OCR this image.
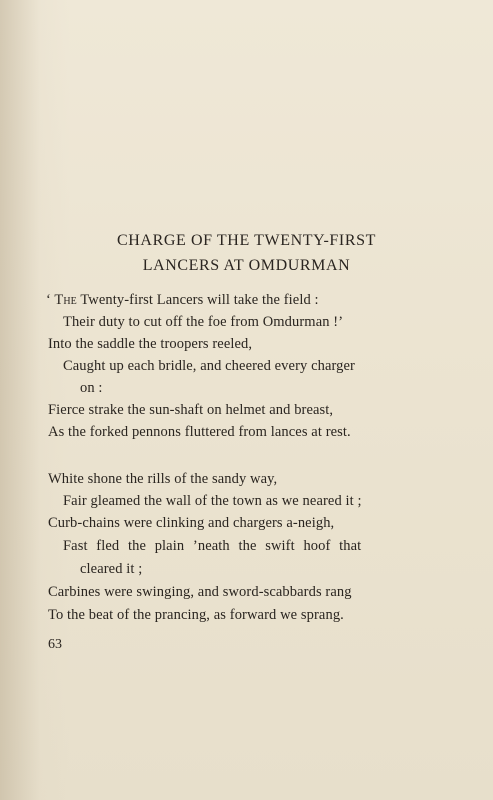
CHARGE OF THE TWENTY-FIRST
LANCERS AT OMDURMAN
‘ The Twenty-first Lancers will take the field :
Their duty to cut off the foe from Omdurman !’
Into the saddle the troopers reeled,
Caught up each bridle, and cheered every charger
on :
Fierce strake the sun-shaft on helmet and breast,
As the forked pennons fluttered from lances at rest.
White shone the rills of the sandy way,
Fair gleamed the wall of the town as we neared it ;
Curb-chains were clinking and chargers a-neigh,
Fast fled the plain ’neath the swift hoof that
cleared it ;
Carbines were swinging, and sword-scabbards rang
To the beat of the prancing, as forward we sprang.
63
